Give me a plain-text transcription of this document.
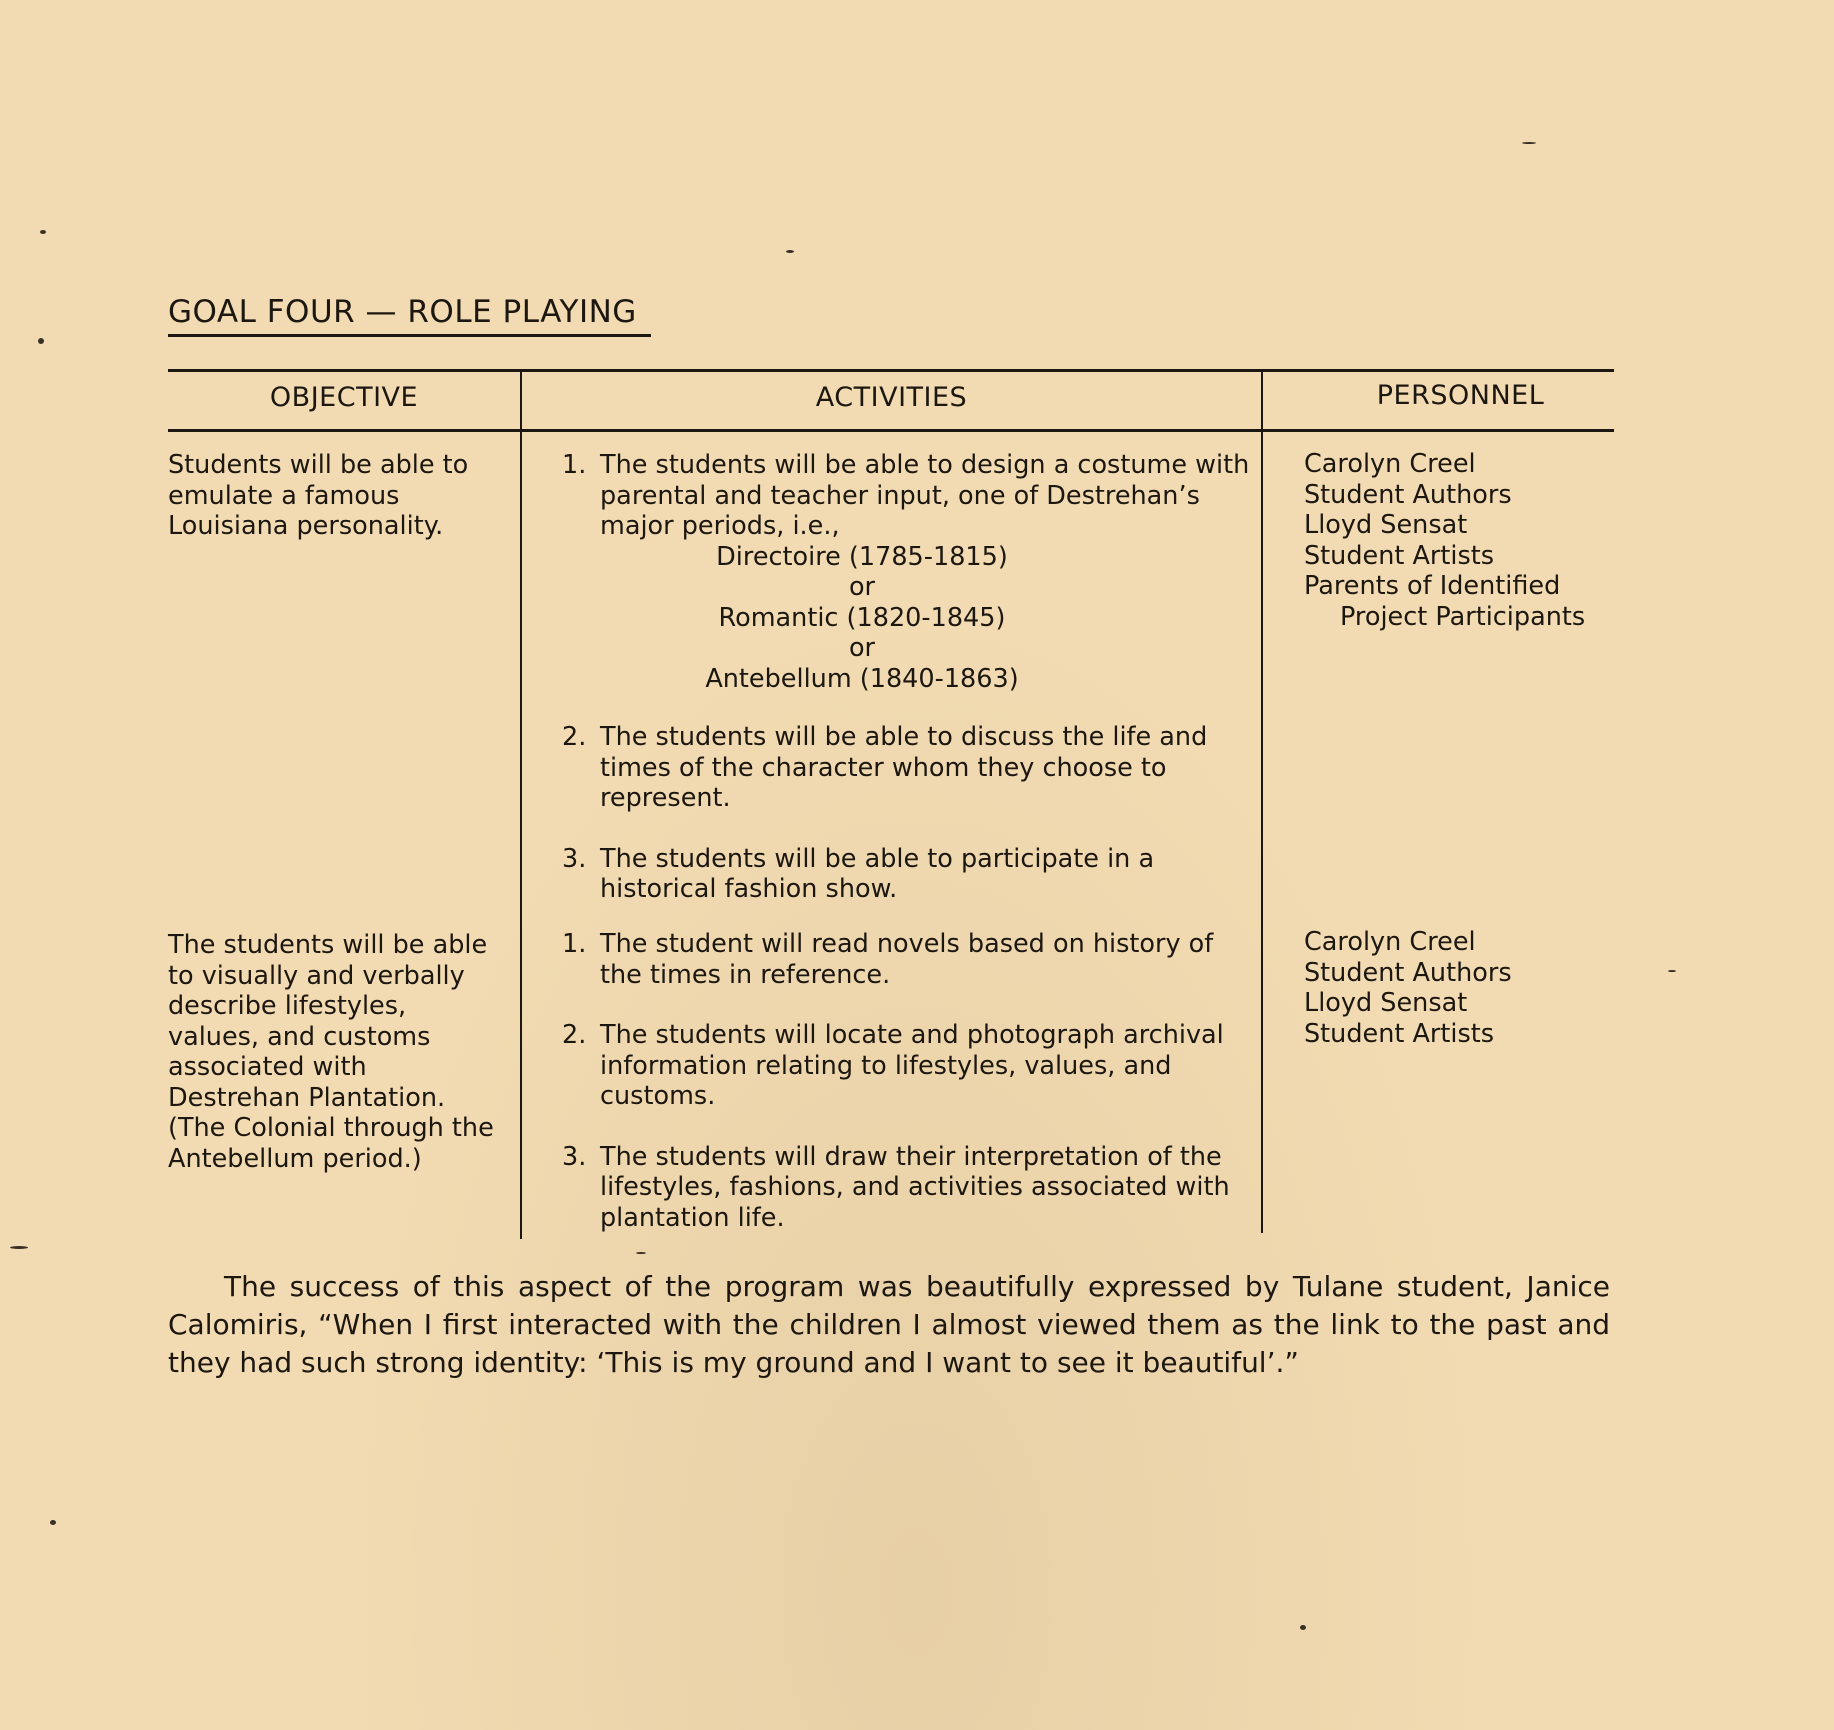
GOAL FOUR — ROLE PLAYING
OBJECTIVE	ACTIVITIES	PERSONNEL
Students will be able to emulate a famous Louisiana personality.
1. The students will be able to design a costume with parental and teacher input, one of Destrehan’s major periods, i.e.,
Directoire (1785-1815)
or
Romantic (1820-1845)
or
Antebellum (1840-1863)
2. The students will be able to discuss the life and times of the character whom they choose to represent.
3. The students will be able to participate in a historical fashion show.
Carolyn Creel
Student Authors
Lloyd Sensat
Student Artists
Parents of Identified
Project Participants
The students will be able to visually and verbally describe lifestyles, values, and customs associated with Destrehan Plantation. (The Colonial through the Antebellum period.)
1. The student will read novels based on history of the times in reference.
2. The students will locate and photograph archival information relating to lifestyles, values, and customs.
3. The students will draw their interpretation of the lifestyles, fashions, and activities associated with plantation life.
Carolyn Creel
Student Authors
Lloyd Sensat
Student Artists
The success of this aspect of the program was beautifully expressed by Tulane student, Janice Calomiris, “When I first interacted with the children I almost viewed them as the link to the past and they had such strong identity: ‘This is my ground and I want to see it beautiful’.”
